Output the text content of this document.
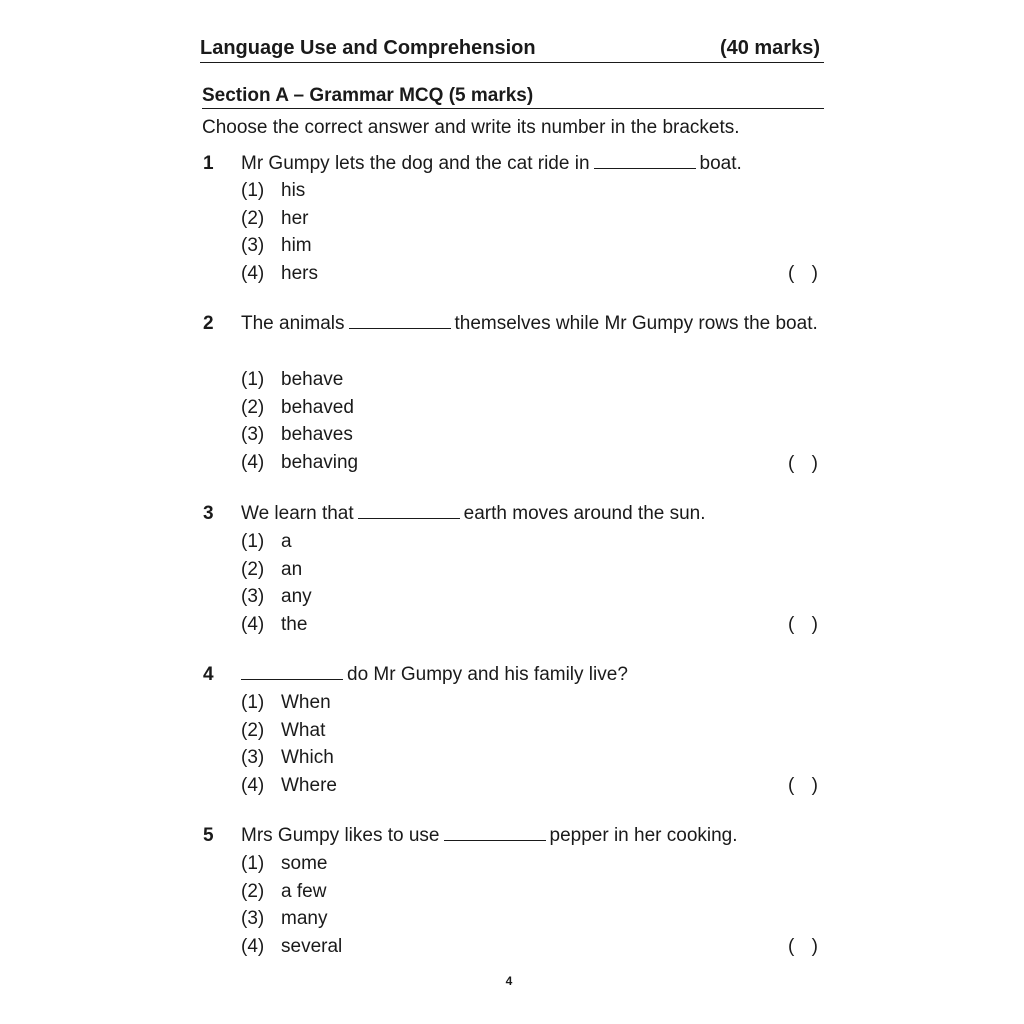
Language Use and Comprehension	(40 marks)
Section A – Grammar MCQ (5 marks)
Choose the correct answer and write its number in the brackets.
1 Mr Gumpy lets the dog and the cat ride in	boat.
(1) his
(2) her
(3) him
(4) hers	( )
2 The animals	themselves while Mr Gumpy rows the boat.
(1) behave
(2) behaved
(3) behaves
(4) behaving	( )
3 We learn that	earth moves around the sun.
(1) a
(2) an
(3) any
(4) the	( )
4	do Mr Gumpy and his family live?
(1) When
(2) What
(3) Which
(4) Where	( )
5 Mrs Gumpy likes to use	pepper in her cooking.
(1) some
(2) a few
(3) many
(4) several	( )
4
